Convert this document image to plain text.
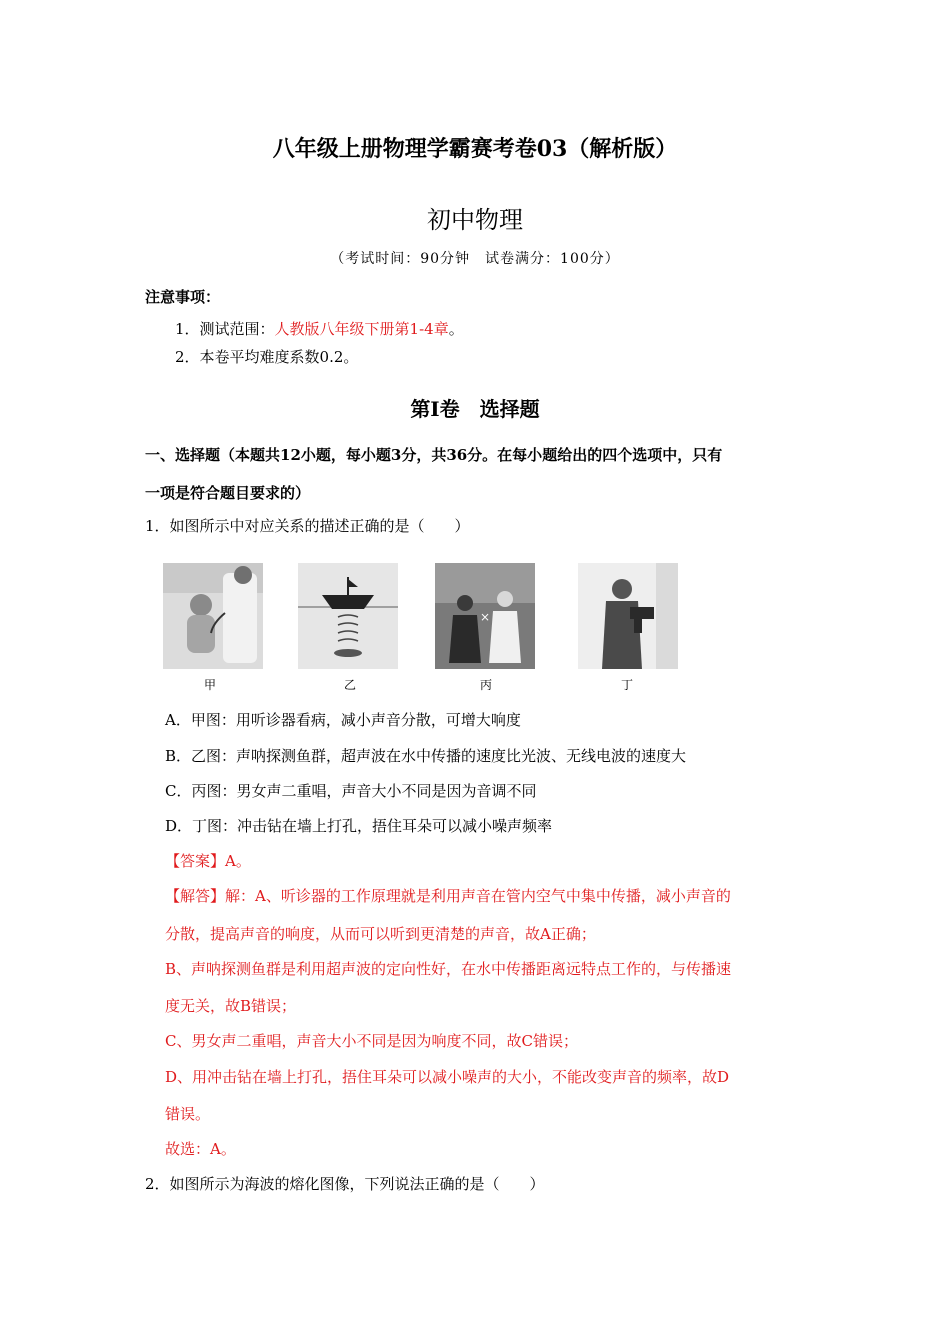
八年级上册物理学霸赛考卷03（解析版）
初中物理
（考试时间：90分钟　试卷满分：100分）
注意事项：
1．测试范围：人教版八年级下册第1-4章。
2．本卷平均难度系数0.2。
第Ⅰ卷　选择题
一、选择题（本题共12小题，每小题3分，共36分。在每小题给出的四个选项中，只有
一项是符合题目要求的）
1．如图所示中对应关系的描述正确的是（　　）
甲	乙
×
丙	丁
A．甲图：用听诊器看病，减小声音分散，可增大响度
B．乙图：声呐探测鱼群，超声波在水中传播的速度比光波、无线电波的速度大
C．丙图：男女声二重唱，声音大小不同是因为音调不同
D．丁图：冲击钻在墙上打孔，捂住耳朵可以减小噪声频率
【答案】A。
【解答】解：A、听诊器的工作原理就是利用声音在管内空气中集中传播，减小声音的
分散，提高声音的响度，从而可以听到更清楚的声音，故A正确；
B、声呐探测鱼群是利用超声波的定向性好，在水中传播距离远特点工作的，与传播速
度无关，故B错误；
C、男女声二重唱，声音大小不同是因为响度不同，故C错误；
D、用冲击钻在墙上打孔，捂住耳朵可以减小噪声的大小，不能改变声音的频率，故D
错误。
故选：A。
2．如图所示为海波的熔化图像，下列说法正确的是（　　）
